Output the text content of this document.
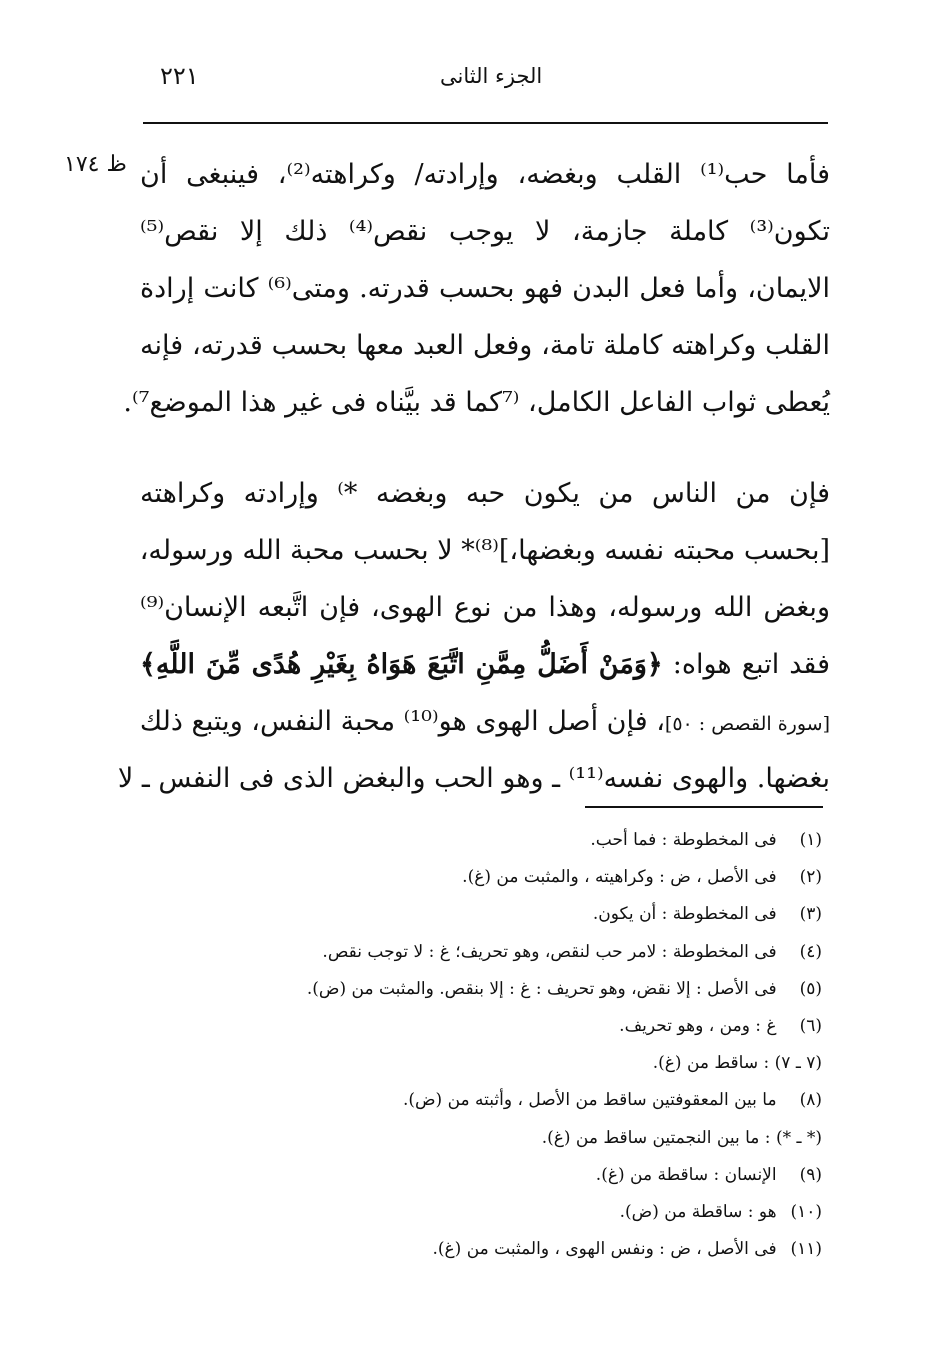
٢٢١	الجزء الثانى
ظ ١٧٤ فأما حب⁽¹⁾ القلب وبغضه، وإرادته/ وكراهته⁽²⁾، فينبغى أن
تكون⁽³⁾ كاملة جازمة، لا يوجب نقص⁽⁴⁾ ذلك إلا نقص⁽⁵⁾
الايمان، وأما فعل البدن فهو بحسب قدرته. ومتى⁽⁶⁾ كانت إرادة
القلب وكراهته كاملة تامة، وفعل العبد معها بحسب قدرته، فإنه
يُعطى ثواب الفاعل الكامل، ⁽⁷كما قد بيَّناه فى غير هذا الموضع⁷⁾.
فإن من الناس من يكون حبه وبغضه *⁾ وإرادته وكراهته
[بحسب محبته نفسه وبغضها،]⁽⁸⁾* لا بحسب محبة الله ورسوله،
وبغض الله ورسوله، وهذا من نوع الهوى، فإن اتَّبعه الإنسان⁽⁹⁾
فقد اتبع هواه: ﴿وَمَنْ أَضَلُّ مِمَّنِ اتَّبَعَ هَوَاهُ بِغَيْرِ هُدًى مِّنَ اللَّهِ﴾
[سورة القصص : ٥٠]، فإن أصل الهوى هو⁽¹⁰⁾ محبة النفس، ويتبع ذلك
بغضها. والهوى نفسه⁽¹¹⁾ ـ وهو الحب والبغض الذى فى النفس ـ لا
(١) فى المخطوطة : فما أحب.
(٢) فى الأصل ، ض : وكراهيته ، والمثبت من (غ).
(٣) فى المخطوطة : أن يكون.
(٤) فى المخطوطة : لامر حب لنقص، وهو تحريف؛ غ : لا توجب نقص.
(٥) فى الأصل : إلا نقض، وهو تحريف : غ : إلا بنقص. والمثبت من (ض).
(٦) غ : ومن ، وهو تحريف.
(٧ ـ ٧) : ساقط من (غ).
(٨) ما بين المعقوفتين ساقط من الأصل ، وأثبته من (ض).
(* ـ *) : ما بين النجمتين ساقط من (غ).
(٩) الإنسان : ساقطة من (غ).
(١٠) هو : ساقطة من (ض).
(١١) فى الأصل ، ض : ونفس الهوى ، والمثبت من (غ).
